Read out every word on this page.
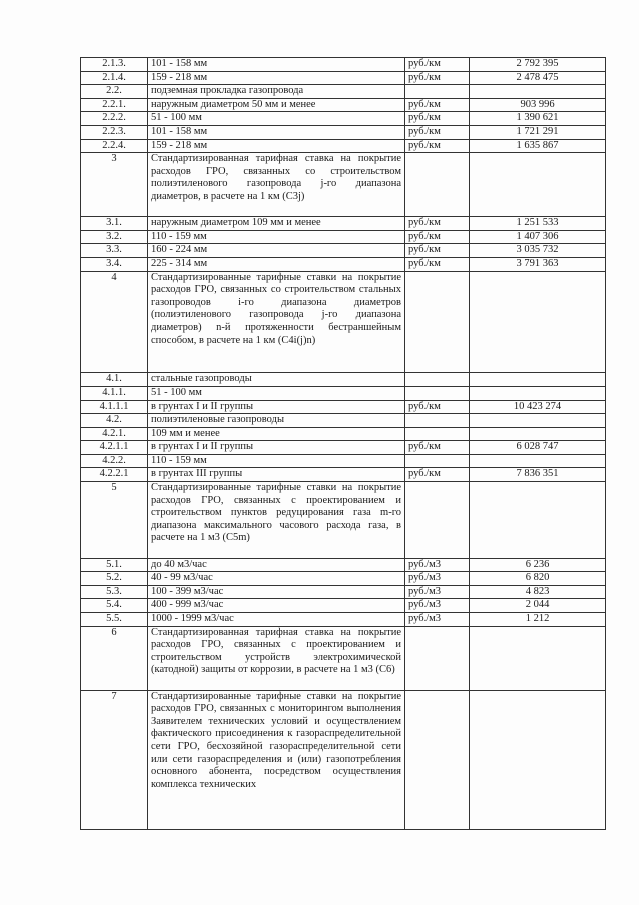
2.1.3.	101 - 158 мм	руб./км	2 792 395
2.1.4.	159 - 218 мм	руб./км	2 478 475
2.2.	подземная прокладка газопровода		
2.2.1.	наружным диаметром 50 мм и менее	руб./км	903 996
2.2.2.	51 - 100 мм	руб./км	1 390 621
2.2.3.	101 - 158 мм	руб./км	1 721 291
2.2.4.	159 - 218 мм	руб./км	1 635 867
3	Стандартизированная тарифная ставка на покрытие расходов ГРО, связанных со строительством полиэтиленового газопровода j-го диапазона диаметров, в расчете на 1 км (C3j)		
3.1.	наружным диаметром 109 мм и менее	руб./км	1 251 533
3.2.	110 - 159 мм	руб./км	1 407 306
3.3.	160 - 224 мм	руб./км	3 035 732
3.4.	225 - 314 мм	руб./км	3 791 363
4	Стандартизированные тарифные ставки на покрытие расходов ГРО, связанных со строительством стальных газопроводов i-го диапазона диаметров (полиэтиленового газопровода j-го диапазона диаметров) n-й протяженности бестраншейным способом, в расчете на 1 км (C4i(j)n)		
4.1.	стальные газопроводы		
4.1.1.	51 - 100 мм		
4.1.1.1	в грунтах I и II группы	руб./км	10 423 274
4.2.	полиэтиленовые газопроводы		
4.2.1.	109 мм и менее		
4.2.1.1	в грунтах I и II группы	руб./км	6 028 747
4.2.2.	110 - 159 мм		
4.2.2.1	в грунтах III группы	руб./км	7 836 351
5	Стандартизированные тарифные ставки на покрытие расходов ГРО, связанных с проектированием и строительством пунктов редуцирования газа m-го диапазона максимального часового расхода газа, в расчете на 1 м3 (C5m)		
5.1.	до 40 м3/час	руб./м3	6 236
5.2.	40 - 99 м3/час	руб./м3	6 820
5.3.	100 - 399 м3/час	руб./м3	4 823
5.4.	400 - 999 м3/час	руб./м3	2 044
5.5.	1000 - 1999 м3/час	руб./м3	1 212
6	Стандартизированная тарифная ставка на покрытие расходов ГРО, связанных с проектированием и строительством устройств электрохимической (катодной) защиты от коррозии, в расчете на 1 м3 (C6)		
7	Стандартизированные тарифные ставки на покрытие расходов ГРО, связанных с мониторингом выполнения Заявителем технических условий и осуществлением фактического присоединения к газораспределительной сети ГРО, бесхозяйной газораспределительной сети или сети газораспределения и (или) газопотребления основного абонента, посредством осуществления комплекса технических		
